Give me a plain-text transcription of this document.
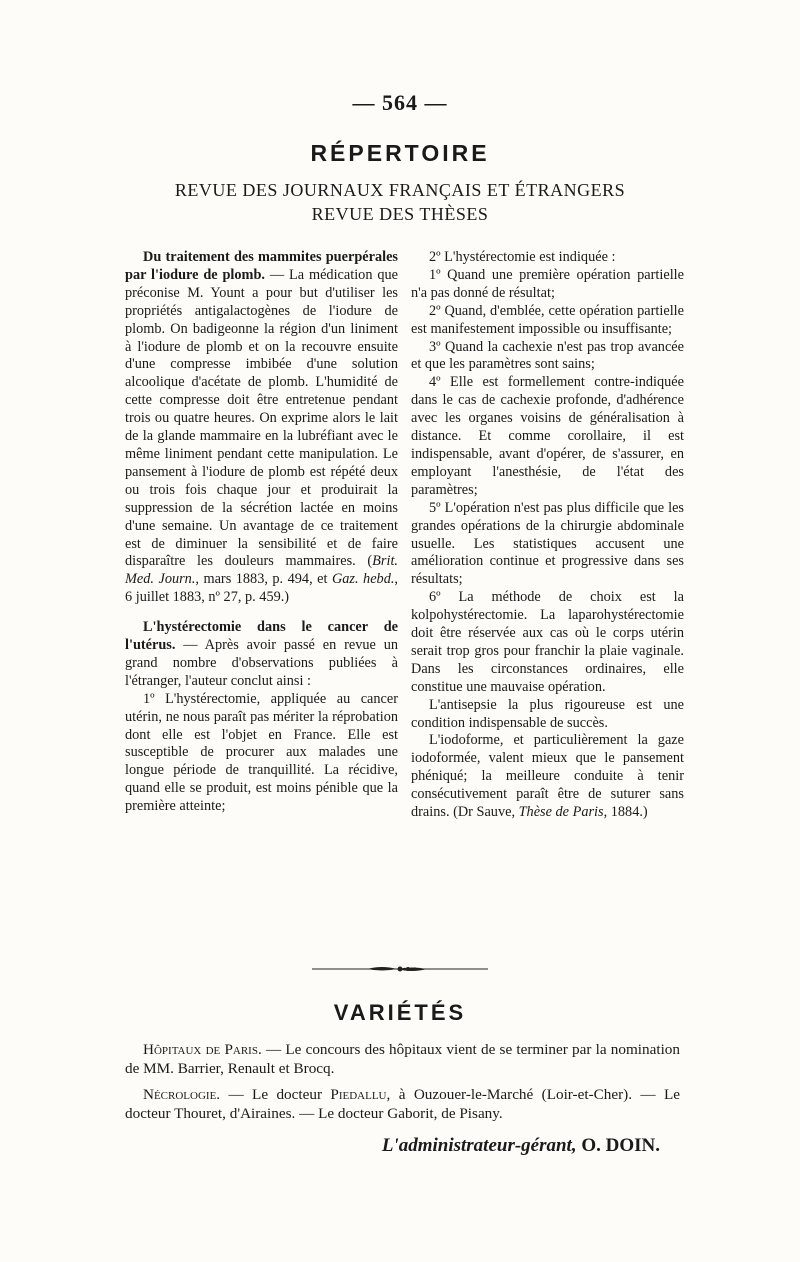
— 564 —
RÉPERTOIRE
REVUE DES JOURNAUX FRANÇAIS ET ÉTRANGERS
REVUE DES THÈSES

Du traitement des mammites puerpérales par l'iodure de plomb. — La médication que préconise M. Yount a pour but d'utiliser les propriétés antigalactogènes de l'iodure de plomb. On badigeonne la région d'un liniment à l'iodure de plomb et on la recouvre ensuite d'une compresse imbibée d'une solution alcoolique d'acétate de plomb. L'humidité de cette compresse doit être entretenue pendant trois ou quatre heures. On exprime alors le lait de la glande mammaire en la lubréfiant avec le même liniment pendant cette manipulation. Le pansement à l'iodure de plomb est répété deux ou trois fois chaque jour et produirait la suppression de la sécrétion lactée en moins d'une semaine. Un avantage de ce traitement est de diminuer la sensibilité et de faire disparaître les douleurs mammaires. (Brit. Med. Journ., mars 1883, p. 494, et Gaz. hebd., 6 juillet 1883, nº 27, p. 459.)

L'hystérectomie dans le cancer de l'utérus. — Après avoir passé en revue un grand nombre d'observations publiées à l'étranger, l'auteur conclut ainsi :

1º L'hystérectomie, appliquée au cancer utérin, ne nous paraît pas mériter la réprobation dont elle est l'objet en France. Elle est susceptible de procurer aux malades une longue période de tranquillité. La récidive, quand elle se produit, est moins pénible que la première atteinte;

2º L'hystérectomie est indiquée :

1º Quand une première opération partielle n'a pas donné de résultat;

2º Quand, d'emblée, cette opération partielle est manifestement impossible ou insuffisante;

3º Quand la cachexie n'est pas trop avancée et que les paramètres sont sains;

4º Elle est formellement contre-indiquée dans le cas de cachexie profonde, d'adhérence avec les organes voisins de généralisation à distance. Et comme corollaire, il est indispensable, avant d'opérer, de s'assurer, en employant l'anesthésie, de l'état des paramètres;

5º L'opération n'est pas plus difficile que les grandes opérations de la chirurgie abdominale usuelle. Les statistiques accusent une amélioration continue et progressive dans ses résultats;

6º La méthode de choix est la kolpohystérectomie. La laparohystérectomie doit être réservée aux cas où le corps utérin serait trop gros pour franchir la plaie vaginale. Dans les circonstances ordinaires, elle constitue une mauvaise opération.

L'antisepsie la plus rigoureuse est une condition indispensable de succès.

L'iodoforme, et particulièrement la gaze iodoformée, valent mieux que le pansement phéniqué; la meilleure conduite à tenir consécutivement paraît être de suturer sans drains. (Dr Sauve, Thèse de Paris, 1884.)

VARIÉTÉS

Hôpitaux de Paris. — Le concours des hôpitaux vient de se terminer par la nomination de MM. Barrier, Renault et Brocq.

Nécrologie. — Le docteur Piedallu, à Ouzouer-le-Marché (Loir-et-Cher). — Le docteur Thouret, d'Airaines. — Le docteur Gaborit, de Pisany.

L'administrateur-gérant, O. DOIN.
